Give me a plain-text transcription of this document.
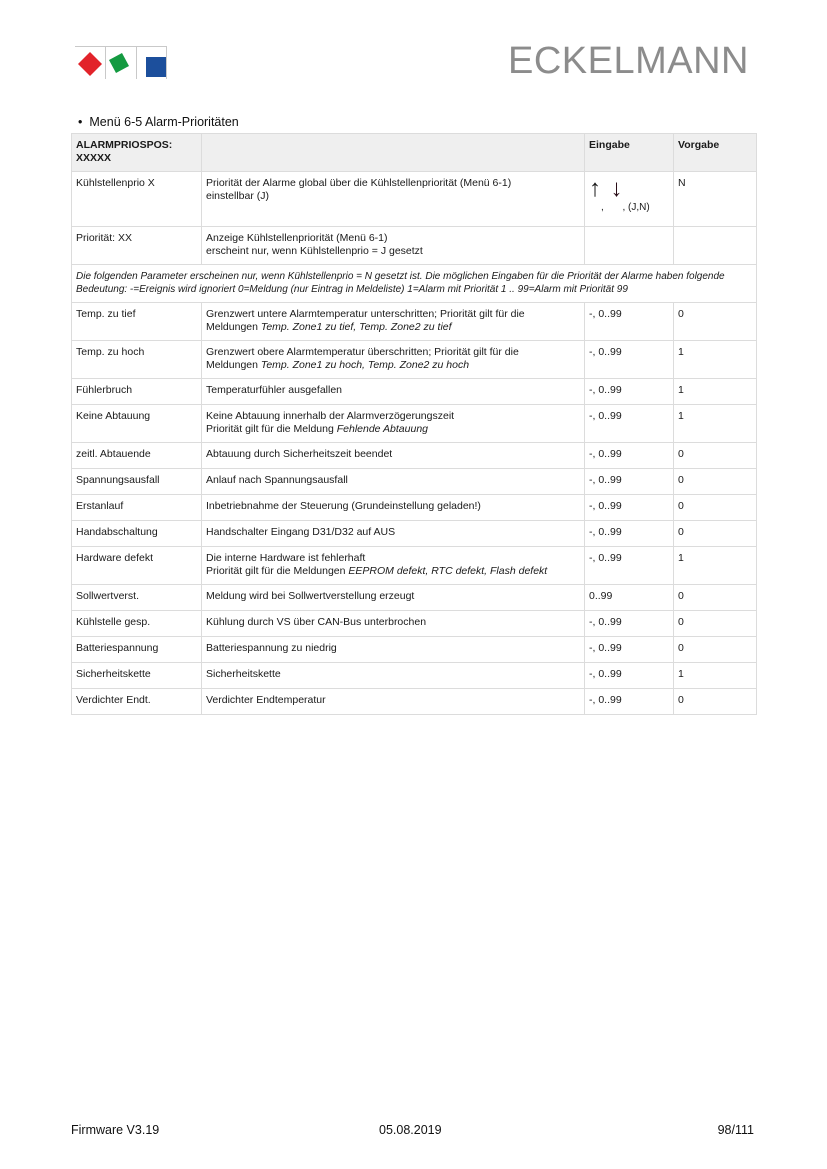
ECKELMANN
• Menü 6-5 Alarm-Prioritäten
ALARMPRIOSPOS: XXXXX		Eingabe	Vorgabe
Kühlstellenprio X	Priorität der Alarme global über die Kühlstellenpriorität (Menü 6-1)
einstellbar (J)	$↑_,$ $↓_{, (J,N)}$	N
Priorität: XX	Anzeige Kühlstellenpriorität (Menü 6-1)
erscheint nur, wenn Kühlstellenprio = J gesetzt		

Die folgenden Parameter erscheinen nur, wenn Kühlstellenprio = N gesetzt ist. Die möglichen Eingaben für die Priorität der Alarme haben folgende Bedeutung: -=Ereignis wird ignoriert 0=Meldung (nur Eintrag in Meldeliste) 1=Alarm mit Priorität 1 .. 99=Alarm mit Priorität 99			
Temp. zu tief	Grenzwert untere Alarmtemperatur unterschritten; Priorität gilt für die
Meldungen Temp. Zone1 zu tief, Temp. Zone2 zu tief	-, 0..99	0
Temp. zu hoch	Grenzwert obere Alarmtemperatur überschritten; Priorität gilt für die
Meldungen Temp. Zone1 zu hoch, Temp. Zone2 zu hoch	-, 0..99	1
Fühlerbruch	Temperaturfühler ausgefallen	-, 0..99	1
Keine Abtauung	Keine Abtauung innerhalb der Alarmverzögerungszeit
Priorität gilt für die Meldung Fehlende Abtauung	-, 0..99	1
zeitl. Abtauende	Abtauung durch Sicherheitszeit beendet	-, 0..99	0
Spannungsausfall	Anlauf nach Spannungsausfall	-, 0..99	0
Erstanlauf	Inbetriebnahme der Steuerung (Grundeinstellung geladen!)	-, 0..99	0
Handabschaltung	Handschalter Eingang D31/D32 auf AUS	-, 0..99	0
Hardware defekt	Die interne Hardware ist fehlerhaft
Priorität gilt für die Meldungen EEPROM defekt, RTC defekt, Flash defekt	-, 0..99	1
Sollwertverst.	Meldung wird bei Sollwertverstellung erzeugt	0..99	0
Kühlstelle gesp.	Kühlung durch VS über CAN-Bus unterbrochen	-, 0..99	0
Batteriespannung	Batteriespannung zu niedrig	-, 0..99	0
Sicherheitskette	Sicherheitskette	-, 0..99	1
Verdichter Endt.	Verdichter Endtemperatur	-, 0..99	0
Firmware V3.19	05.08.2019	98/111
